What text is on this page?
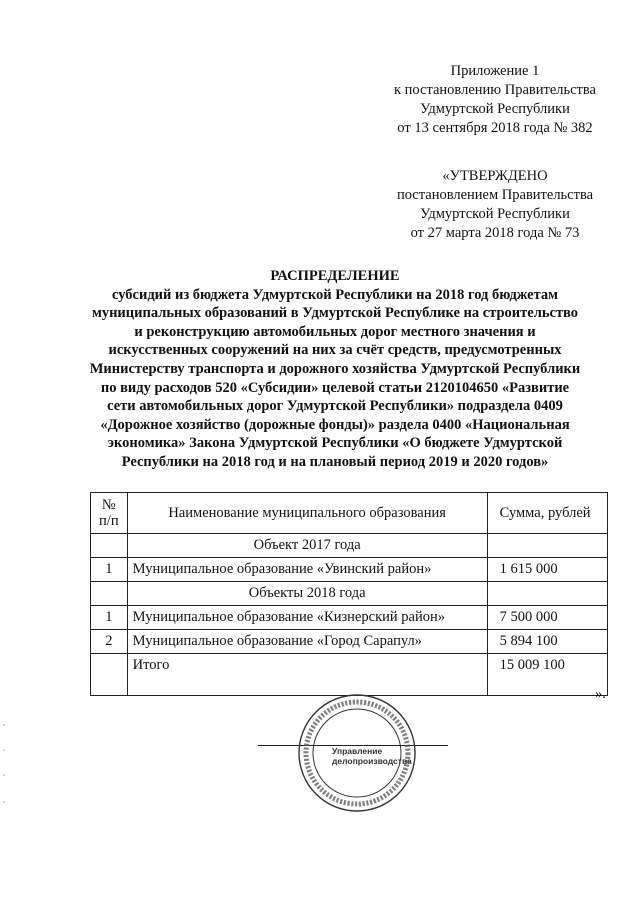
Приложение 1
к постановлению Правительства
Удмуртской Республики
от 13 сентября 2018 года № 382
«УТВЕРЖДЕНО
постановлением Правительства
Удмуртской Республики
от 27 марта 2018 года № 73
РАСПРЕДЕЛЕНИЕ
субсидий из бюджета Удмуртской Республики на 2018 год бюджетам
муниципальных образований в Удмуртской Республике на строительство
и реконструкцию автомобильных дорог местного значения и
искусственных сооружений на них за счёт средств, предусмотренных
Министерству транспорта и дорожного хозяйства Удмуртской Республики
по виду расходов 520 «Субсидии» целевой статьи 2120104650 «Развитие
сети автомобильных дорог Удмуртской Республики» подраздела 0409
«Дорожное хозяйство (дорожные фонды)» раздела 0400 «Национальная
экономика» Закона Удмуртской Республики «О бюджете Удмуртской
Республики на 2018 год и на плановый период 2019 и 2020 годов»
№
п/п	Наименование муниципального образования	Сумма, рублей
	Объект 2017 года	
1	Муниципальное образование «Увинский район»	1 615 000
	Объекты 2018 года	
1	Муниципальное образование «Кизнерский район»	7 500 000
2	Муниципальное образование «Город Сарапул»	5 894 100
	Итого	15 009 100
».
Управление
делопроизводства
